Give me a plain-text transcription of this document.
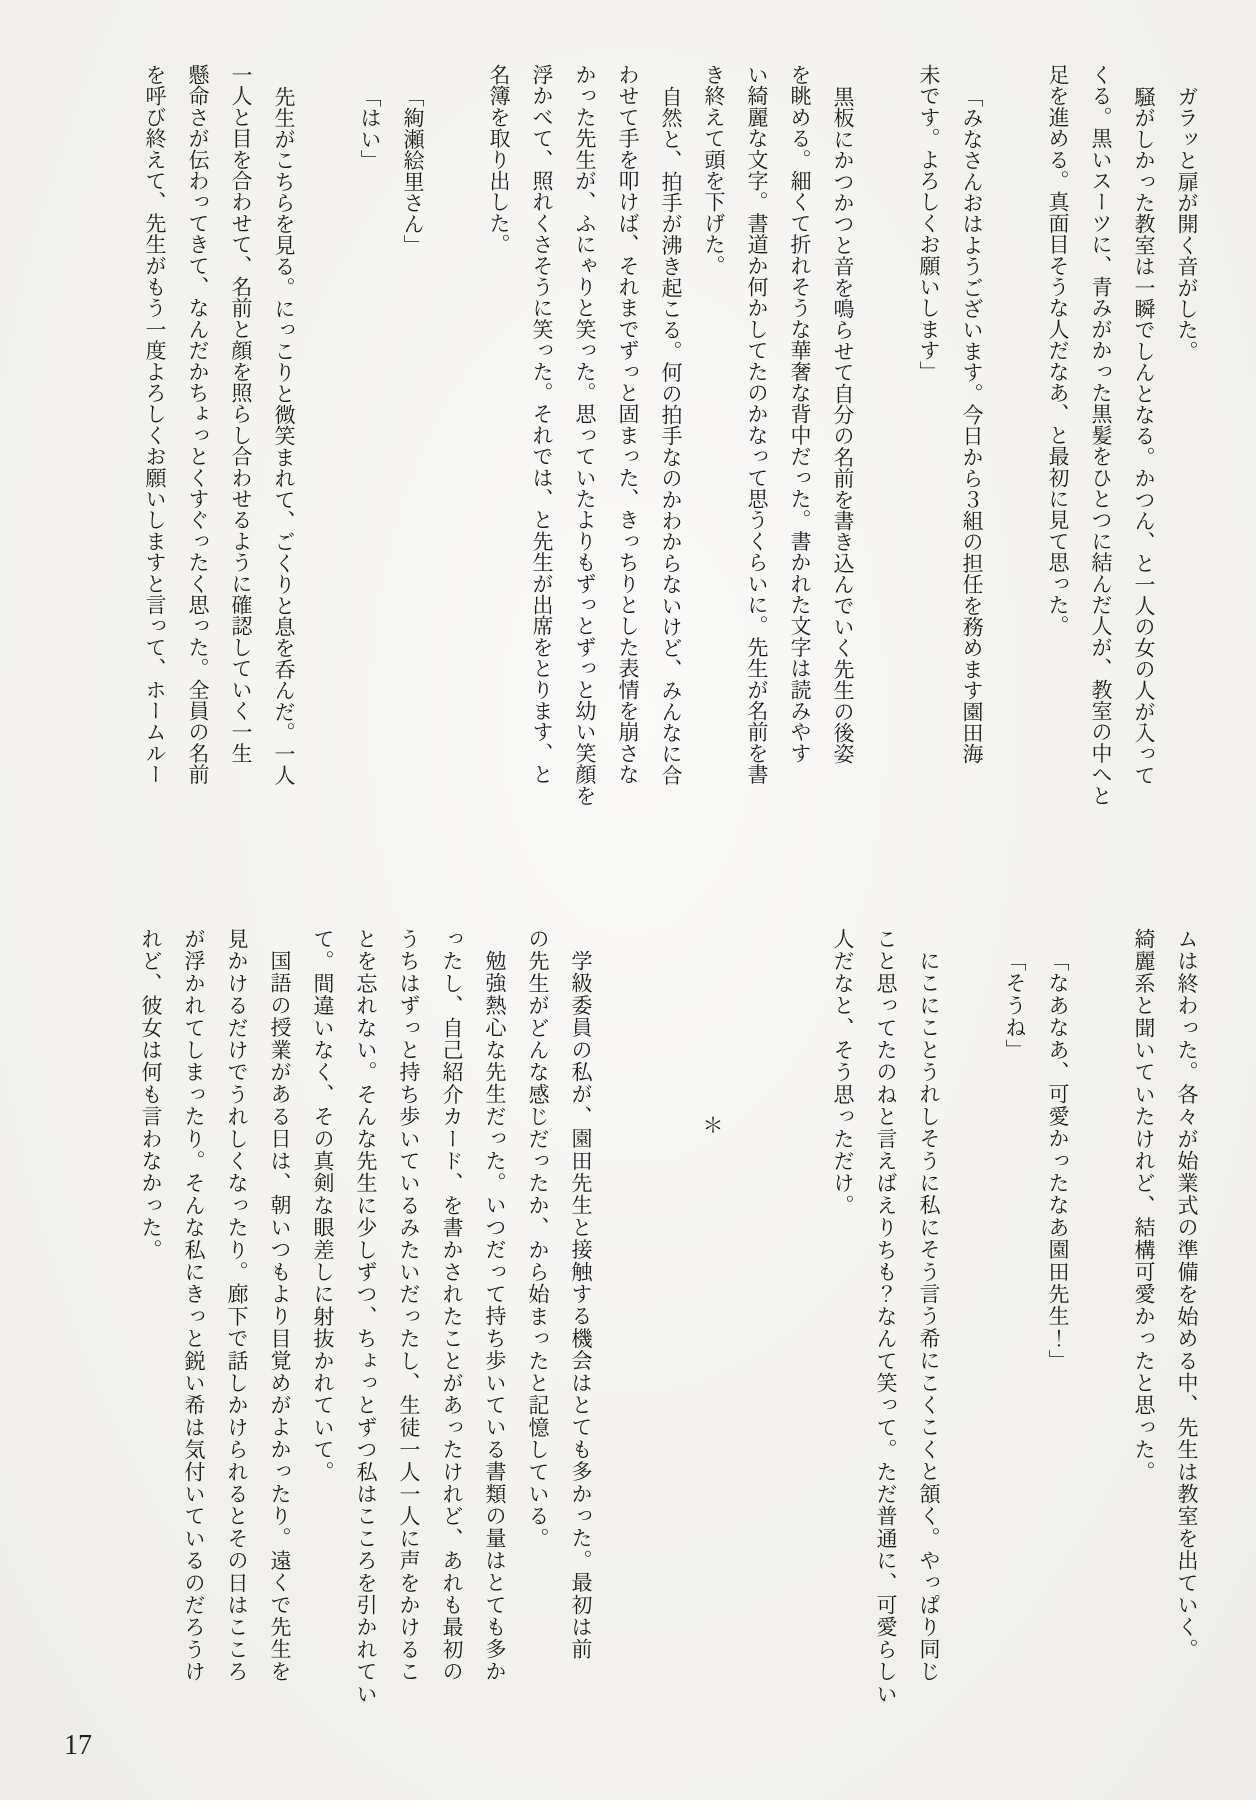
ガラッと扉が開く音がした。

騒がしかった教室は一瞬でしんとなる。かつん、と一人の女の人が入って

くる。黒いスーツに、青みがかった黒髪をひとつに結んだ人が、教室の中へと

足を進める。真面目そうな人だなあ、と最初に見て思った。

「みなさんおはようございます。今日から３組の担任を務めます園田海

未です。よろしくお願いします」

黒板にかつかつと音を鳴らせて自分の名前を書き込んでいく先生の後姿

を眺める。細くて折れそうな華奢な背中だった。書かれた文字は読みやす

い綺麗な文字。書道か何かしてたのかなって思うくらいに。先生が名前を書

き終えて頭を下げた。

自然と、拍手が沸き起こる。何の拍手なのかわからないけど、みんなに合

わせて手を叩けば、それまでずっと固まった、きっちりとした表情を崩さな

かった先生が、ふにゃりと笑った。思っていたよりもずっとずっと幼い笑顔を

浮かべて、照れくさそうに笑った。それでは、と先生が出席をとります、と

名簿を取り出した。

「絢瀬絵里さん」

「はい」

先生がこちらを見る。にっこりと微笑まれて、ごくりと息を呑んだ。一人

一人と目を合わせて、名前と顔を照らし合わせるように確認していく一生

懸命さが伝わってきて、なんだかちょっとくすぐったく思った。全員の名前

を呼び終えて、先生がもう一度よろしくお願いしますと言って、ホームルー

ムは終わった。各々が始業式の準備を始める中、先生は教室を出ていく。

綺麗系と聞いていたけれど、結構可愛かったと思った。

「なあなあ、可愛かったなあ園田先生！」

「そうね」

にこにことうれしそうに私にそう言う希にこくこくと頷く。やっぱり同じ

こと思ってたのねと言えばえりちも？なんて笑って。ただ普通に、可愛らしい

人だなと、そう思っただけ。

＊

学級委員の私が、園田先生と接触する機会はとても多かった。最初は前

の先生がどんな感じだったか、から始まったと記憶している。

勉強熱心な先生だった。いつだって持ち歩いている書類の量はとても多か

ったし、自己紹介カード、を書かされたことがあったけれど、あれも最初の

うちはずっと持ち歩いているみたいだったし、生徒一人一人に声をかけるこ

とを忘れない。そんな先生に少しずつ、ちょっとずつ私はこころを引かれてい

て。間違いなく、その真剣な眼差しに射抜かれていて。

国語の授業がある日は、朝いつもより目覚めがよかったり。遠くで先生を

見かけるだけでうれしくなったり。廊下で話しかけられるとその日はこころ

が浮かれてしまったり。そんな私にきっと鋭い希は気付いているのだろうけ

れど、彼女は何も言わなかった。

17
